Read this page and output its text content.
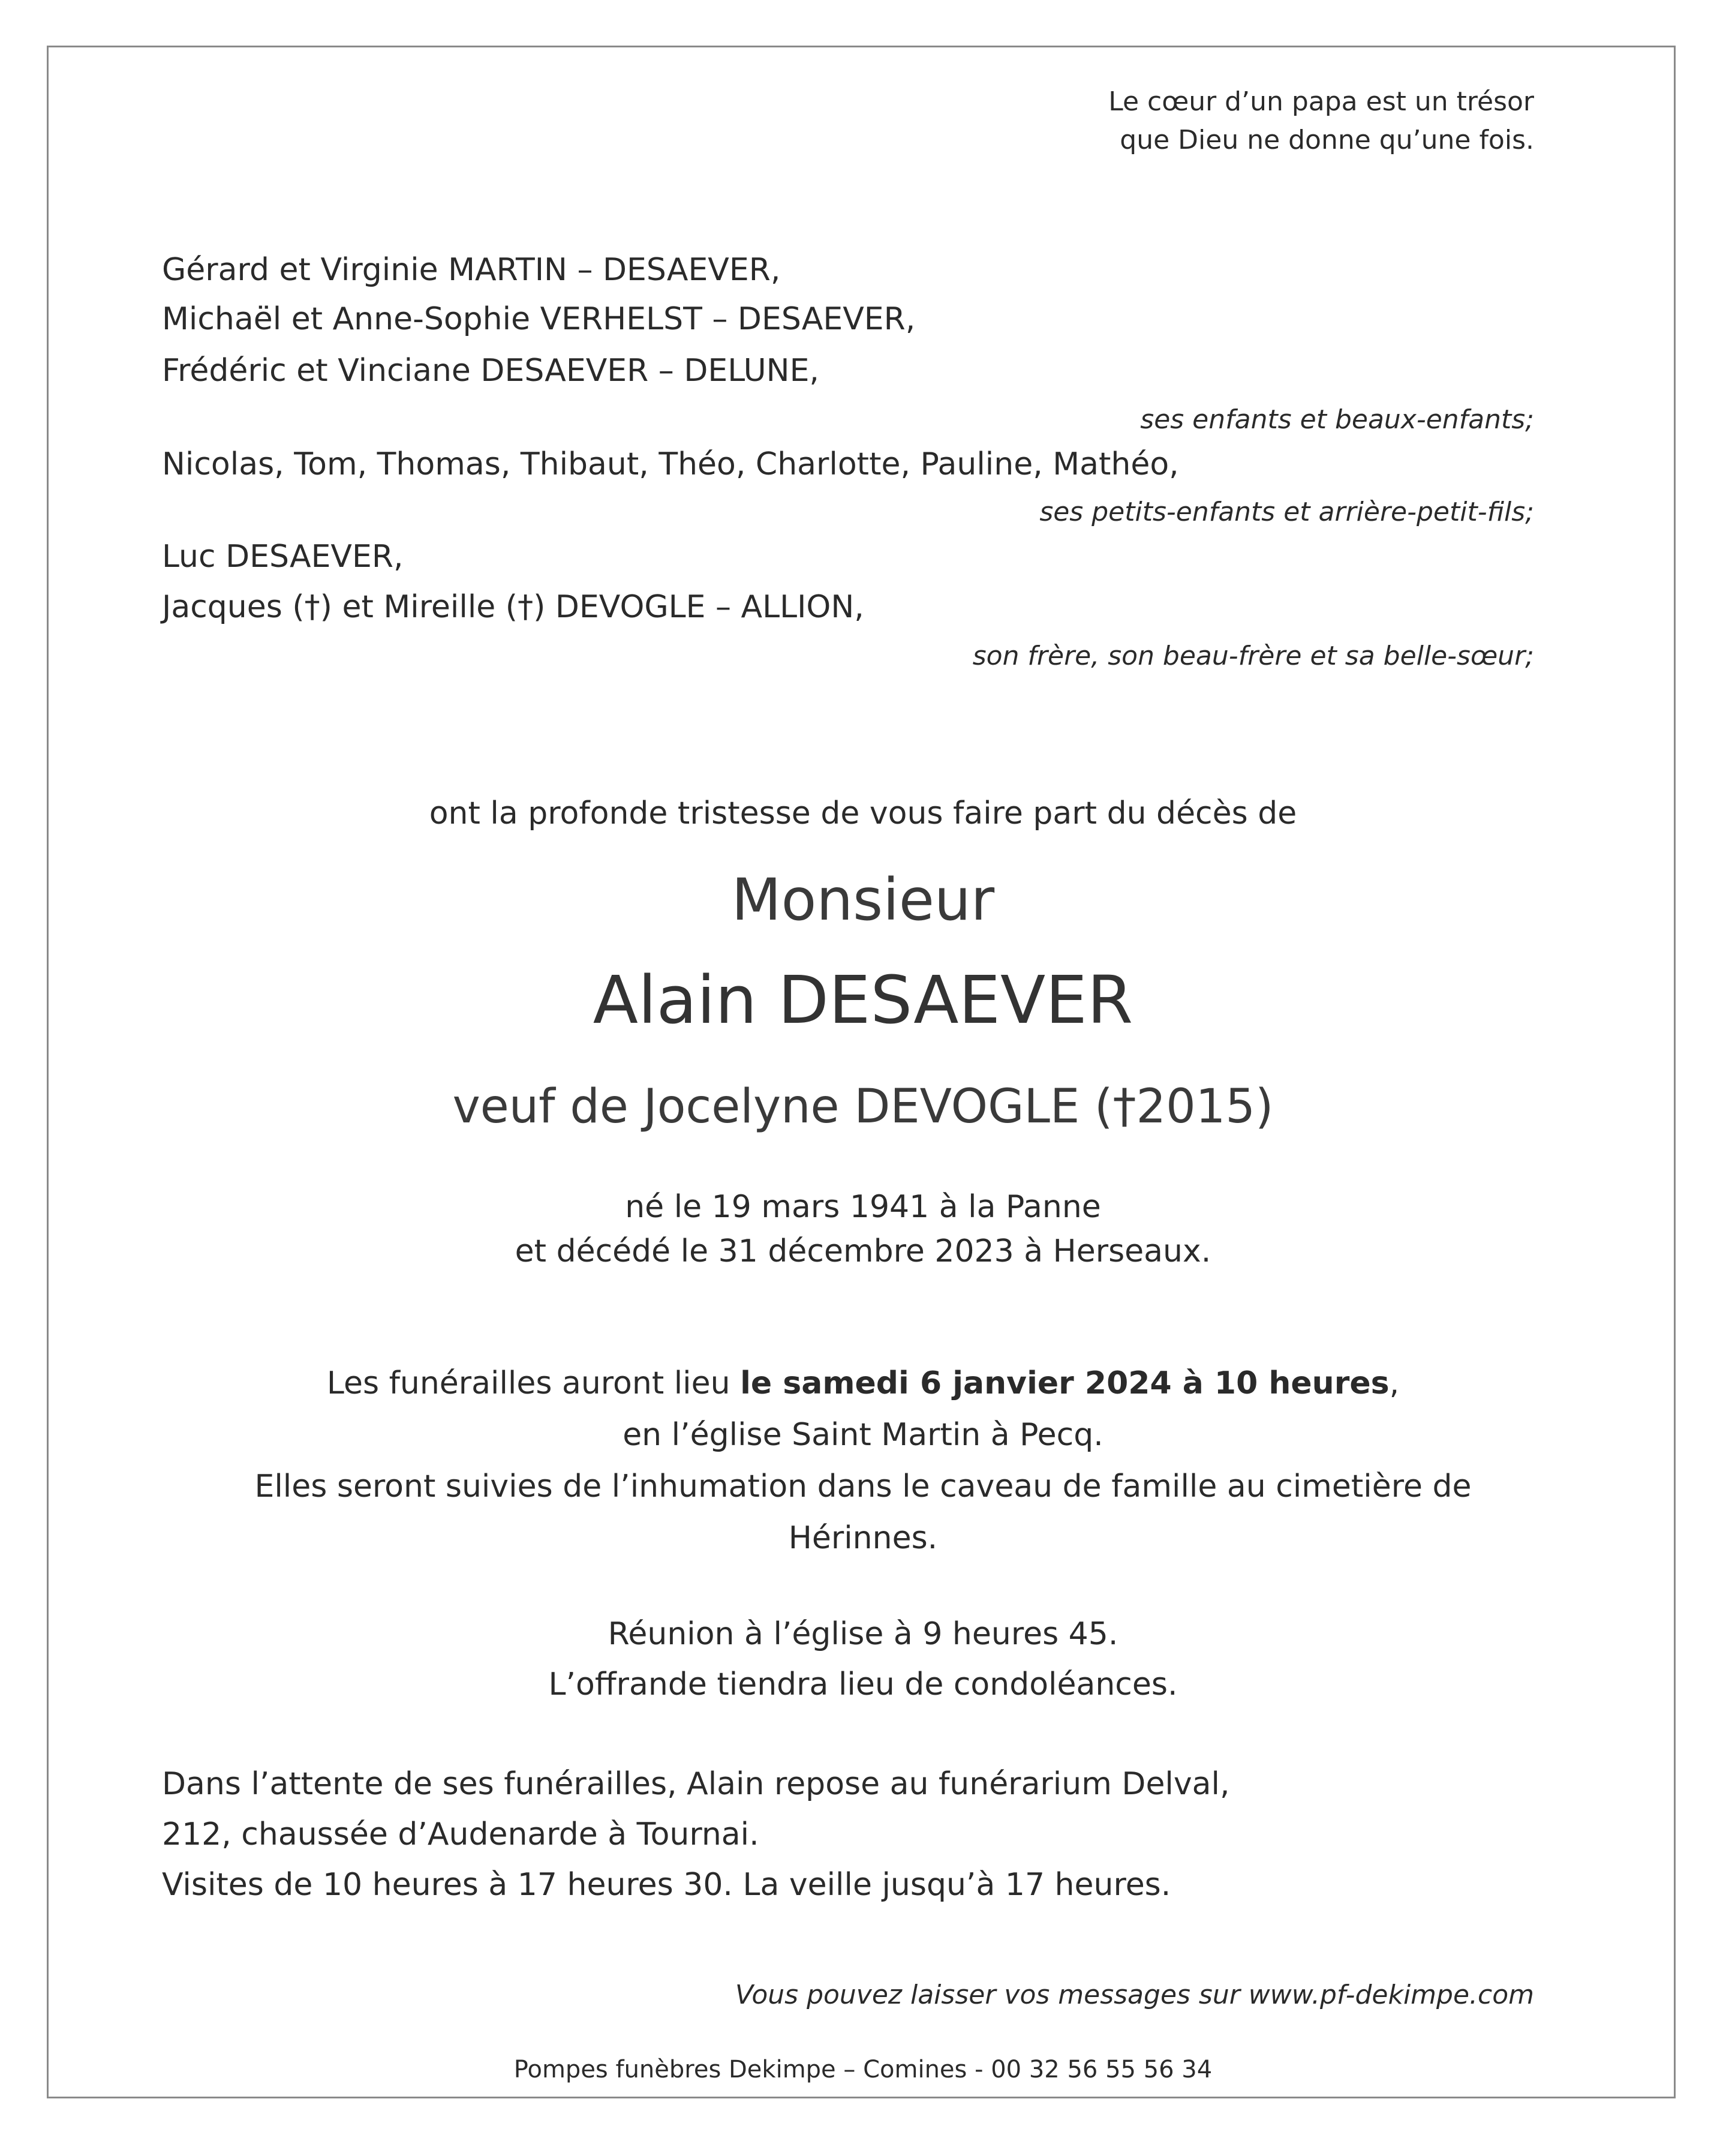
Le cœur d’un papa est un trésor
que Dieu ne donne qu’une fois.
Gérard et Virginie MARTIN – DESAEVER,
Michaël et Anne-Sophie VERHELST – DESAEVER,
Frédéric et Vinciane DESAEVER – DELUNE,
ses enfants et beaux-enfants;
Nicolas, Tom, Thomas, Thibaut, Théo, Charlotte, Pauline, Mathéo,
ses petits-enfants et arrière-petit-fils;
Luc DESAEVER,
Jacques (†) et Mireille (†) DEVOGLE – ALLION,
son frère, son beau-frère et sa belle-sœur;
ont la profonde tristesse de vous faire part du décès de
Monsieur
Alain DESAEVER
veuf de Jocelyne DEVOGLE (†2015)
né le 19 mars 1941 à la Panne
et décédé le 31 décembre 2023 à Herseaux.
Les funérailles auront lieu le samedi 6 janvier 2024 à 10 heures,
en l’église Saint Martin à Pecq.
Elles seront suivies de l’inhumation dans le caveau de famille au cimetière de
Hérinnes.
Réunion à l’église à 9 heures 45.
L’offrande tiendra lieu de condoléances.
Dans l’attente de ses funérailles, Alain repose au funérarium Delval,
212, chaussée d’Audenarde à Tournai.
Visites de 10 heures à 17 heures 30. La veille jusqu’à 17 heures.
Vous pouvez laisser vos messages sur www.pf-dekimpe.com
Pompes funèbres Dekimpe – Comines - 00 32 56 55 56 34
